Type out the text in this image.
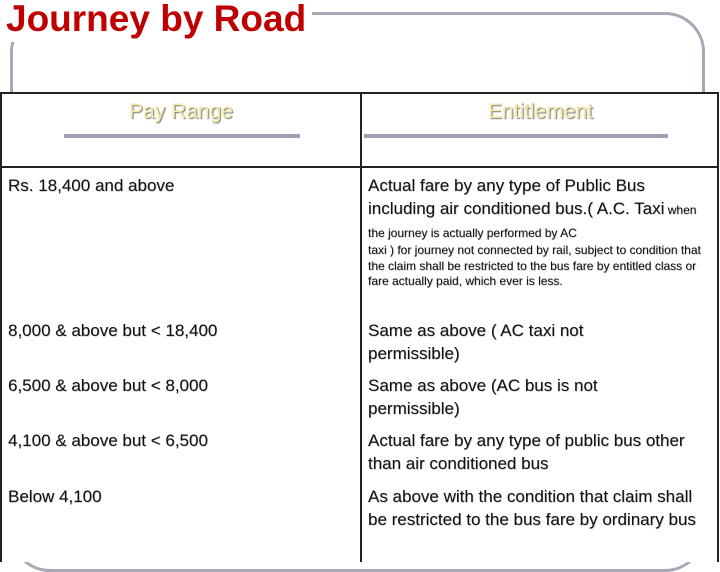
Journey by Road
Pay Range	Entitlement
Rs. 18,400 and above	Actual fare by any type of Public Bus including air conditioned bus.( A.C. Taxi when the journey is actually performed by AC
taxi ) for journey not connected by rail, subject to condition that the claim shall be restricted to the bus fare by entitled class or fare actually paid, which ever is less.
8,000 & above but < 18,400	Same as above ( AC taxi not permissible)
6,500 & above but < 8,000	Same as above (AC bus is not permissible)
4,100 & above but < 6,500	Actual fare by any type of public bus other than air conditioned bus
Below 4,100	As above with the condition that claim shall be restricted to the bus fare by ordinary bus
